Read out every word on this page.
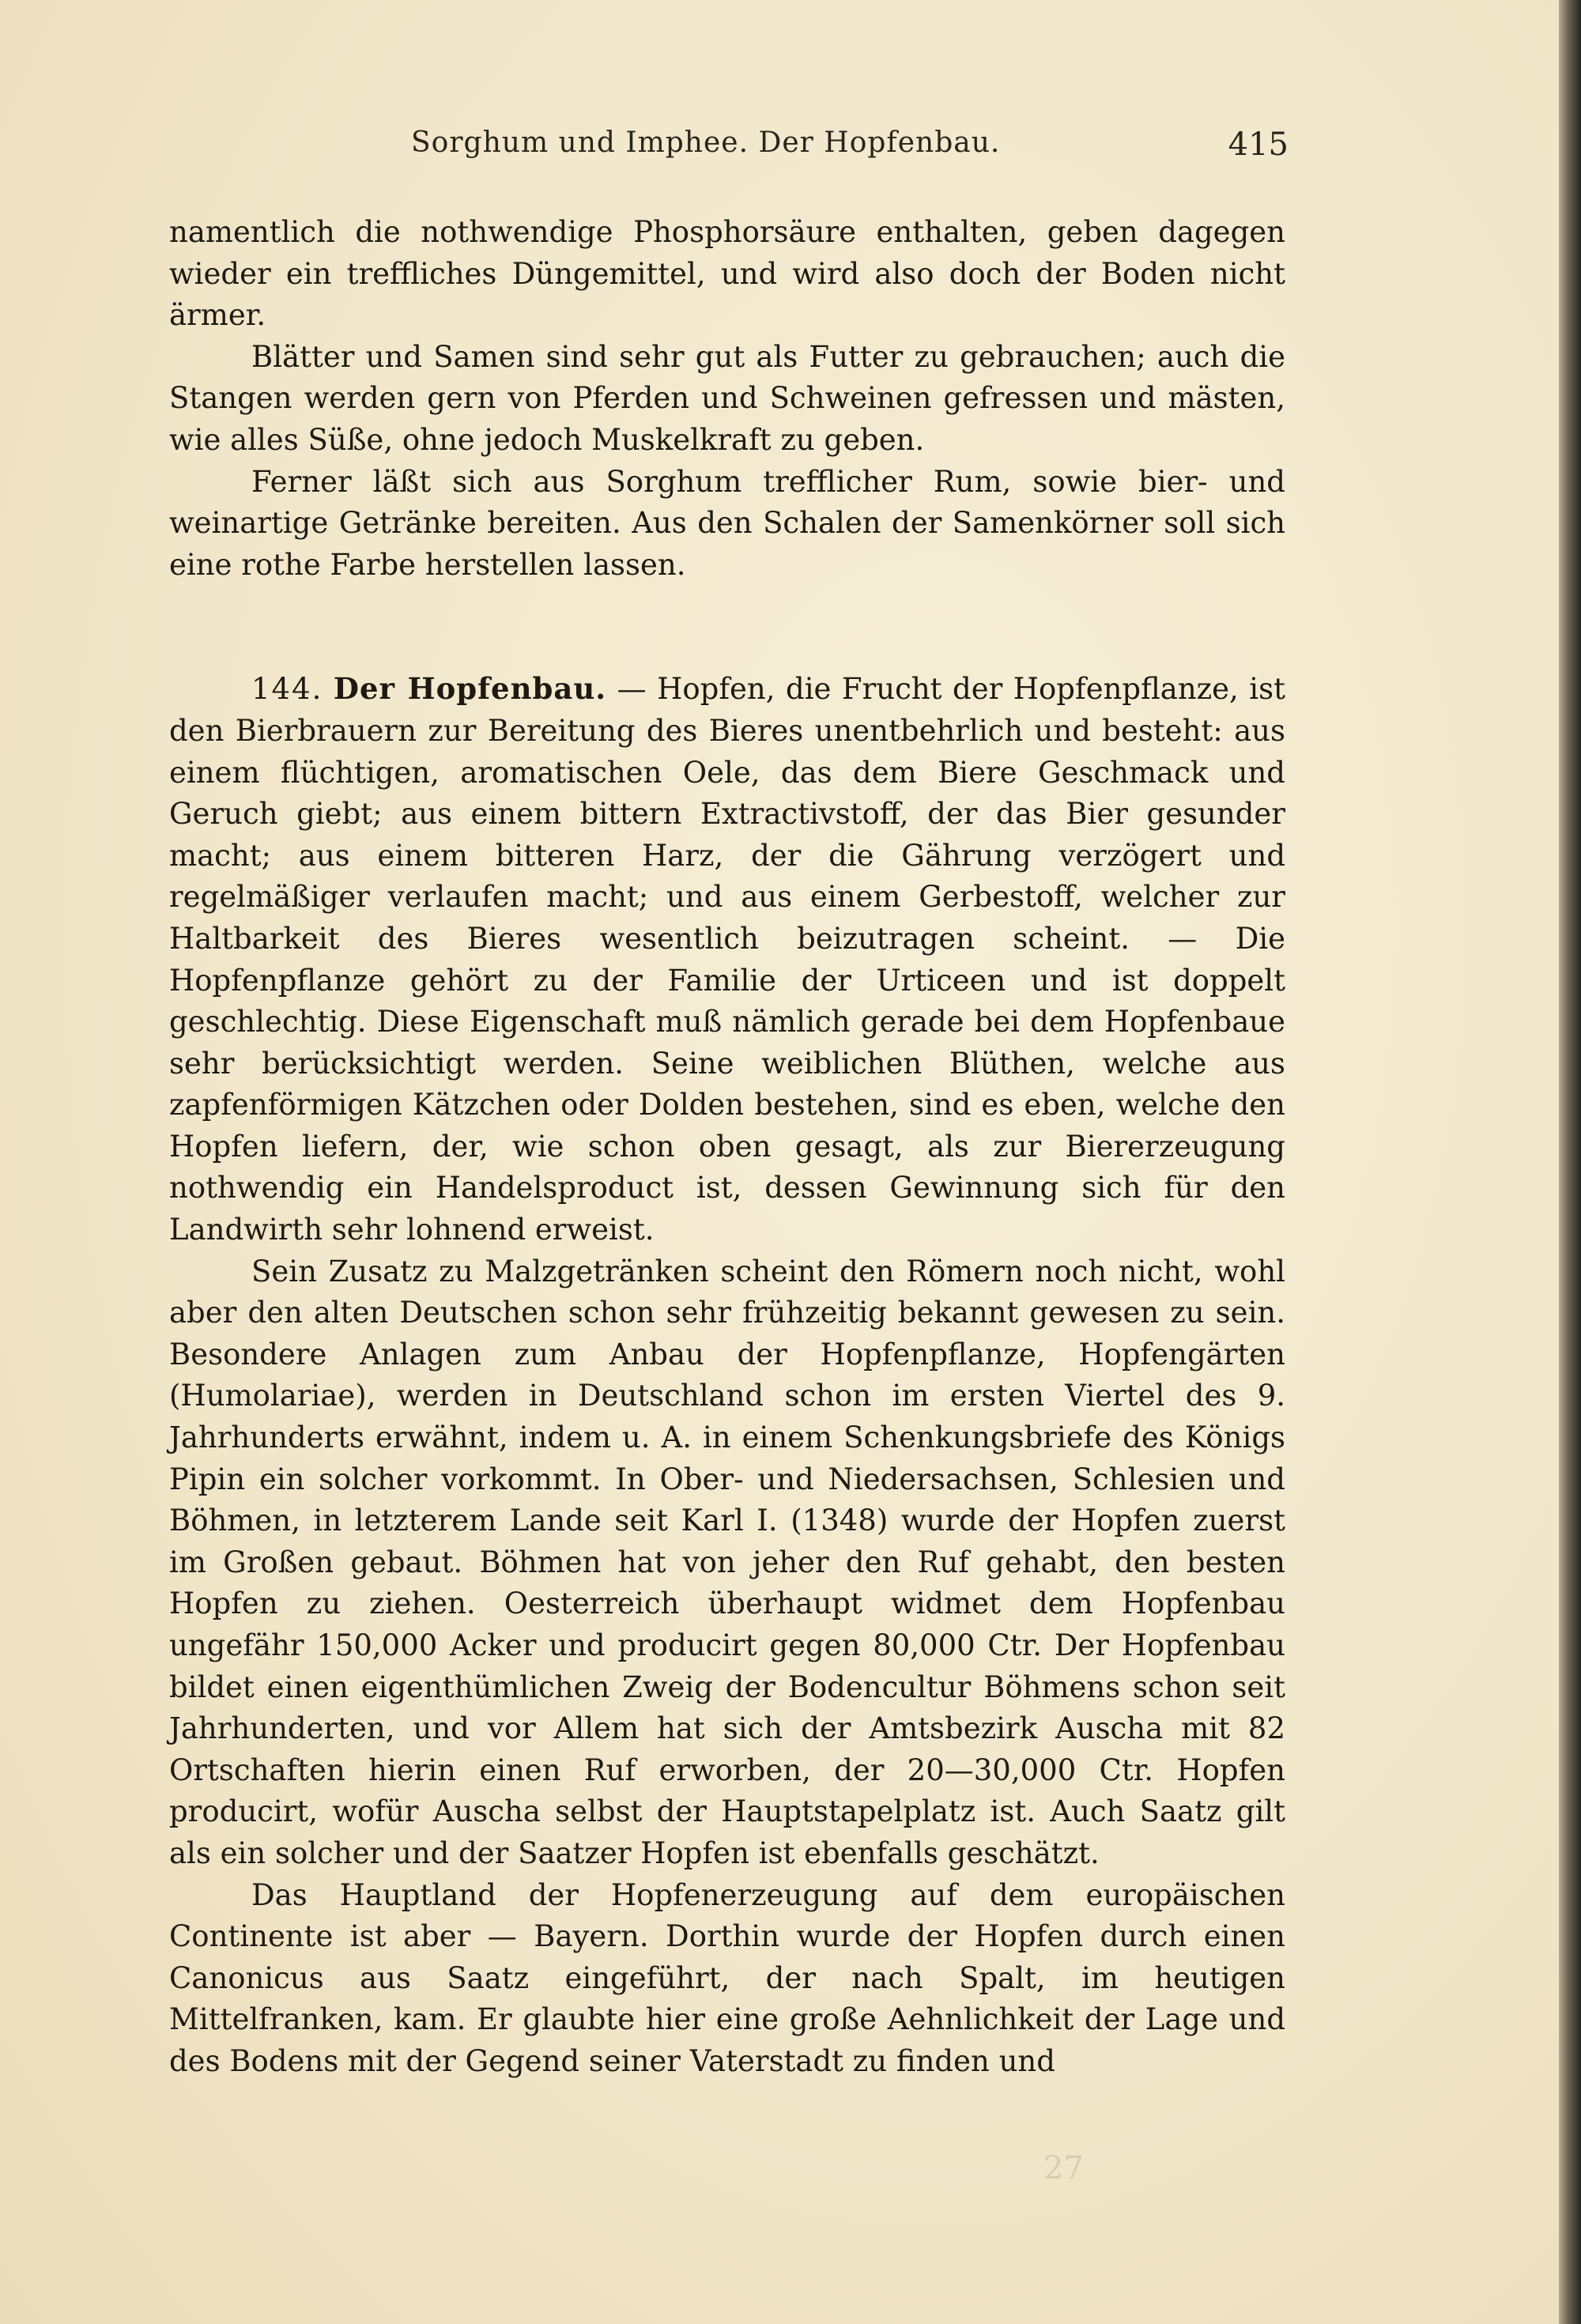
Sorghum und Imphee. Der Hopfenbau.	415

namentlich die nothwendige Phosphorsäure enthalten, geben dagegen wieder ein treffliches Düngemittel, und wird also doch der Boden nicht ärmer.

Blätter und Samen sind sehr gut als Futter zu gebrauchen; auch die Stangen werden gern von Pferden und Schweinen gefressen und mästen, wie alles Süße, ohne jedoch Muskelkraft zu geben.

Ferner läßt sich aus Sorghum trefflicher Rum, sowie bier- und weinartige Getränke bereiten. Aus den Schalen der Samenkörner soll sich eine rothe Farbe herstellen lassen.

144. Der Hopfenbau. — Hopfen, die Frucht der Hopfenpflanze, ist den Bierbrauern zur Bereitung des Bieres unentbehrlich und besteht: aus einem flüchtigen, aromatischen Oele, das dem Biere Geschmack und Geruch giebt; aus einem bittern Extractivstoff, der das Bier gesunder macht; aus einem bitteren Harz, der die Gährung verzögert und regelmäßiger verlaufen macht; und aus einem Gerbestoff, welcher zur Haltbarkeit des Bieres wesentlich beizutragen scheint. — Die Hopfenpflanze gehört zu der Familie der Urticeen und ist doppelt geschlechtig. Diese Eigenschaft muß nämlich gerade bei dem Hopfenbaue sehr berücksichtigt werden. Seine weiblichen Blüthen, welche aus zapfenförmigen Kätzchen oder Dolden bestehen, sind es eben, welche den Hopfen liefern, der, wie schon oben gesagt, als zur Biererzeugung nothwendig ein Handelsproduct ist, dessen Gewinnung sich für den Landwirth sehr lohnend erweist.

Sein Zusatz zu Malzgetränken scheint den Römern noch nicht, wohl aber den alten Deutschen schon sehr frühzeitig bekannt gewesen zu sein. Besondere Anlagen zum Anbau der Hopfenpflanze, Hopfengärten (Humolariae), werden in Deutschland schon im ersten Viertel des 9. Jahrhunderts erwähnt, indem u. A. in einem Schenkungsbriefe des Königs Pipin ein solcher vorkommt. In Ober- und Niedersachsen, Schlesien und Böhmen, in letzterem Lande seit Karl I. (1348) wurde der Hopfen zuerst im Großen gebaut. Böhmen hat von jeher den Ruf gehabt, den besten Hopfen zu ziehen. Oesterreich überhaupt widmet dem Hopfenbau ungefähr 150,000 Acker und producirt gegen 80,000 Ctr. Der Hopfenbau bildet einen eigenthümlichen Zweig der Bodencultur Böhmens schon seit Jahrhunderten, und vor Allem hat sich der Amtsbezirk Auscha mit 82 Ortschaften hierin einen Ruf erworben, der 20—30,000 Ctr. Hopfen producirt, wofür Auscha selbst der Hauptstapelplatz ist. Auch Saatz gilt als ein solcher und der Saatzer Hopfen ist ebenfalls geschätzt.

Das Hauptland der Hopfenerzeugung auf dem europäischen Continente ist aber — Bayern. Dorthin wurde der Hopfen durch einen Canonicus aus Saatz eingeführt, der nach Spalt, im heutigen Mittelfranken, kam. Er glaubte hier eine große Aehnlichkeit der Lage und des Bodens mit der Gegend seiner Vaterstadt zu finden und

27
